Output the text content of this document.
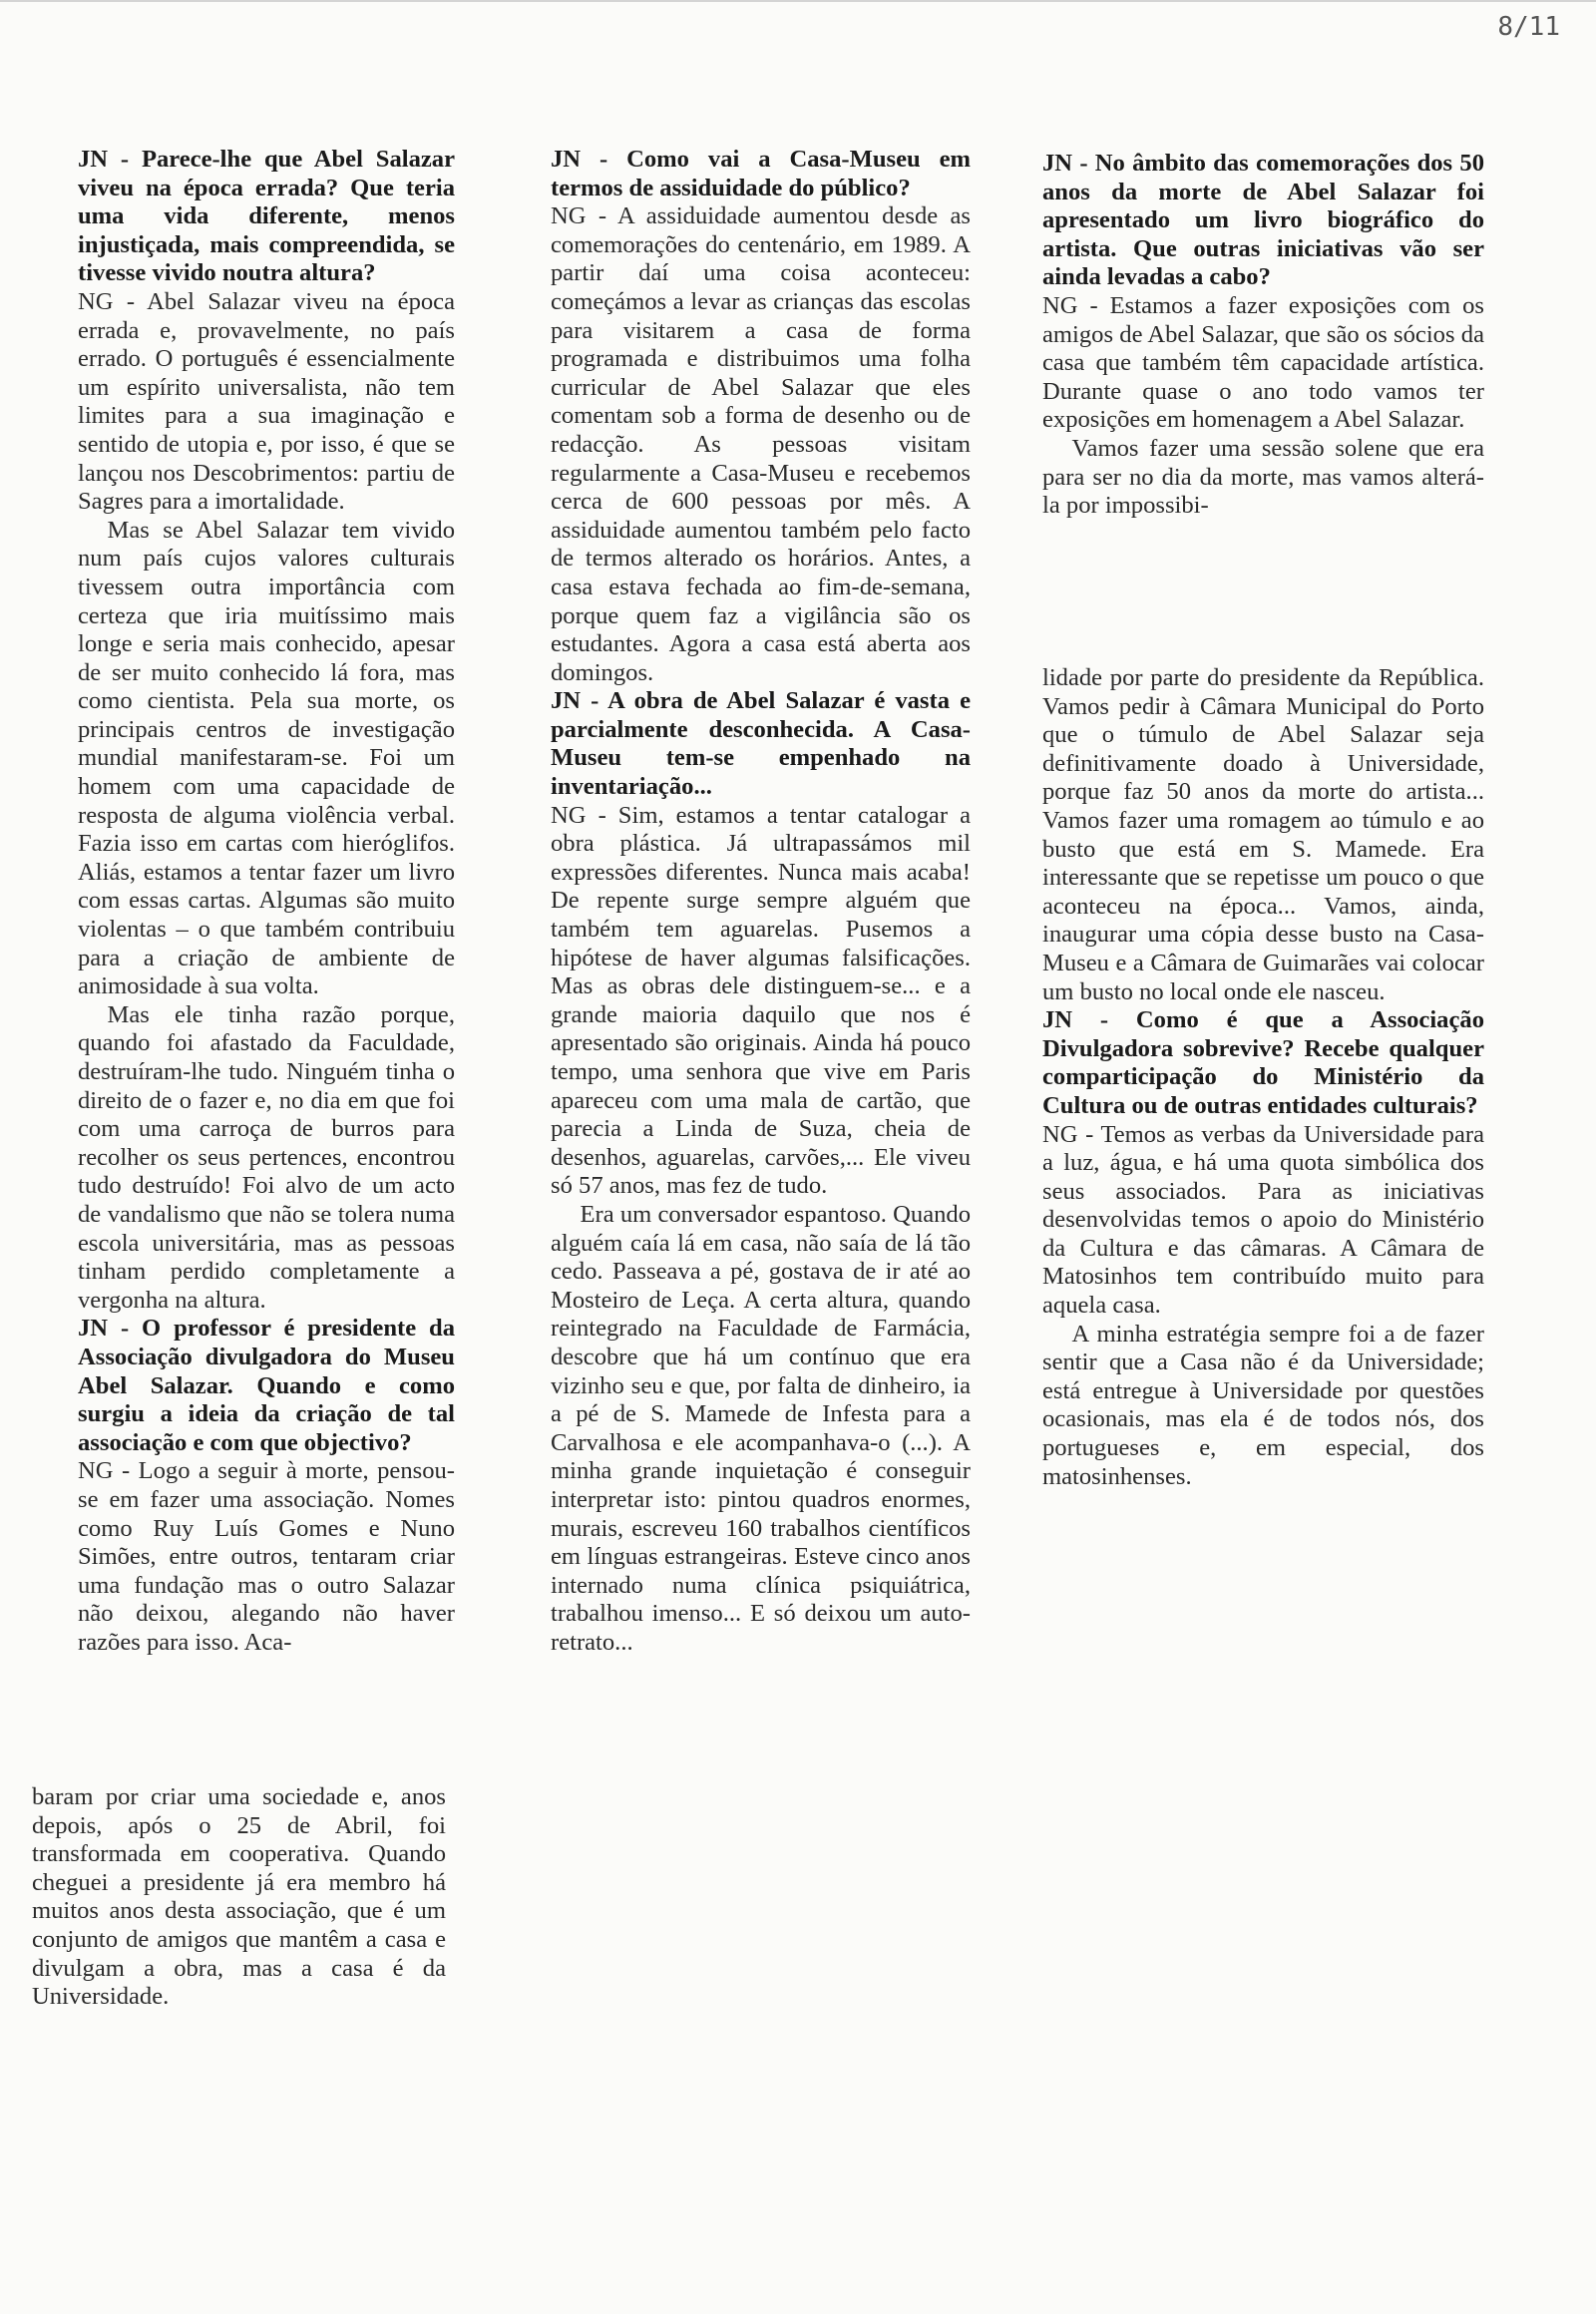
8/11

JN - Parece-lhe que Abel Salazar viveu na época errada? Que teria uma vida diferente, menos injustiçada, mais compreendida, se tivesse vivido noutra altura?

NG - Abel Salazar viveu na época errada e, provavelmente, no país errado. O português é essencialmente um espírito universalista, não tem limites para a sua imaginação e sentido de utopia e, por isso, é que se lançou nos Descobrimentos: partiu de Sagres para a imortalidade.

Mas se Abel Salazar tem vivido num país cujos valores culturais tivessem outra importância com certeza que iria muitíssimo mais longe e seria mais conhecido, apesar de ser muito conhecido lá fora, mas como cientista. Pela sua morte, os principais centros de investigação mundial manifestaram-se. Foi um homem com uma capacidade de resposta de alguma violência verbal. Fazia isso em cartas com hieróglifos. Aliás, estamos a tentar fazer um livro com essas cartas. Algumas são muito violentas – o que também contribuiu para a criação de ambiente de animosidade à sua volta.

Mas ele tinha razão porque, quando foi afastado da Faculdade, destruíram-lhe tudo. Ninguém tinha o direito de o fazer e, no dia em que foi com uma carroça de burros para recolher os seus pertences, encontrou tudo destruído! Foi alvo de um acto de vandalismo que não se tolera numa escola universitária, mas as pessoas tinham perdido completamente a vergonha na altura.

JN - O professor é presidente da Associação divulgadora do Museu Abel Salazar. Quando e como surgiu a ideia da criação de tal associação e com que objectivo?

NG - Logo a seguir à morte, pensou-se em fazer uma associação. Nomes como Ruy Luís Gomes e Nuno Simões, entre outros, tentaram criar uma fundação mas o outro Salazar não deixou, alegando não haver razões para isso. Aca-

baram por criar uma sociedade e, anos depois, após o 25 de Abril, foi transformada em cooperativa. Quando cheguei a presidente já era membro há muitos anos desta associação, que é um conjunto de amigos que mantêm a casa e divulgam a obra, mas a casa é da Universidade.

JN - Como vai a Casa-Museu em termos de assiduidade do público?

NG - A assiduidade aumentou desde as comemorações do centenário, em 1989. A partir daí uma coisa aconteceu: começámos a levar as crianças das escolas para visitarem a casa de forma programada e distribuimos uma folha curricular de Abel Salazar que eles comentam sob a forma de desenho ou de redacção. As pessoas visitam regularmente a Casa-Museu e recebemos cerca de 600 pessoas por mês. A assiduidade aumentou também pelo facto de termos alterado os horários. Antes, a casa estava fechada ao fim-de-semana, porque quem faz a vigilância são os estudantes. Agora a casa está aberta aos domingos.

JN - A obra de Abel Salazar é vasta e parcialmente desconhecida. A Casa-Museu tem-se empenhado na inventariação...

NG - Sim, estamos a tentar catalogar a obra plástica. Já ultrapassámos mil expressões diferentes. Nunca mais acaba! De repente surge sempre alguém que também tem aguarelas. Pusemos a hipótese de haver algumas falsificações. Mas as obras dele distinguem-se... e a grande maioria daquilo que nos é apresentado são originais. Ainda há pouco tempo, uma senhora que vive em Paris apareceu com uma mala de cartão, que parecia a Linda de Suza, cheia de desenhos, aguarelas, carvões,... Ele viveu só 57 anos, mas fez de tudo.

Era um conversador espantoso. Quando alguém caía lá em casa, não saía de lá tão cedo. Passeava a pé, gostava de ir até ao Mosteiro de Leça. A certa altura, quando reintegrado na Faculdade de Farmácia, descobre que há um contínuo que era vizinho seu e que, por falta de dinheiro, ia a pé de S. Mamede de Infesta para a Carvalhosa e ele acompanhava-o (...). A minha grande inquietação é conseguir interpretar isto: pintou quadros enormes, murais, escreveu 160 trabalhos científicos em línguas estrangeiras. Esteve cinco anos internado numa clínica psiquiátrica, trabalhou imenso... E só deixou um auto-retrato...

JN - No âmbito das comemorações dos 50 anos da morte de Abel Salazar foi apresentado um livro biográfico do artista. Que outras iniciativas vão ser ainda levadas a cabo?

NG - Estamos a fazer exposições com os amigos de Abel Salazar, que são os sócios da casa que também têm capacidade artística. Durante quase o ano todo vamos ter exposições em homenagem a Abel Salazar.

Vamos fazer uma sessão solene que era para ser no dia da morte, mas vamos alterá-la por impossibi-

lidade por parte do presidente da República. Vamos pedir à Câmara Municipal do Porto que o túmulo de Abel Salazar seja definitivamente doado à Universidade, porque faz 50 anos da morte do artista... Vamos fazer uma romagem ao túmulo e ao busto que está em S. Mamede. Era interessante que se repetisse um pouco o que aconteceu na época... Vamos, ainda, inaugurar uma cópia desse busto na Casa-Museu e a Câmara de Guimarães vai colocar um busto no local onde ele nasceu.

JN - Como é que a Associação Divulgadora sobrevive? Recebe qualquer comparticipação do Ministério da Cultura ou de outras entidades culturais?

NG - Temos as verbas da Universidade para a luz, água, e há uma quota simbólica dos seus associados. Para as iniciativas desenvolvidas temos o apoio do Ministério da Cultura e das câmaras. A Câmara de Matosinhos tem contribuído muito para aquela casa.

A minha estratégia sempre foi a de fazer sentir que a Casa não é da Universidade; está entregue à Universidade por questões ocasionais, mas ela é de todos nós, dos portugueses e, em especial, dos matosinhenses.
